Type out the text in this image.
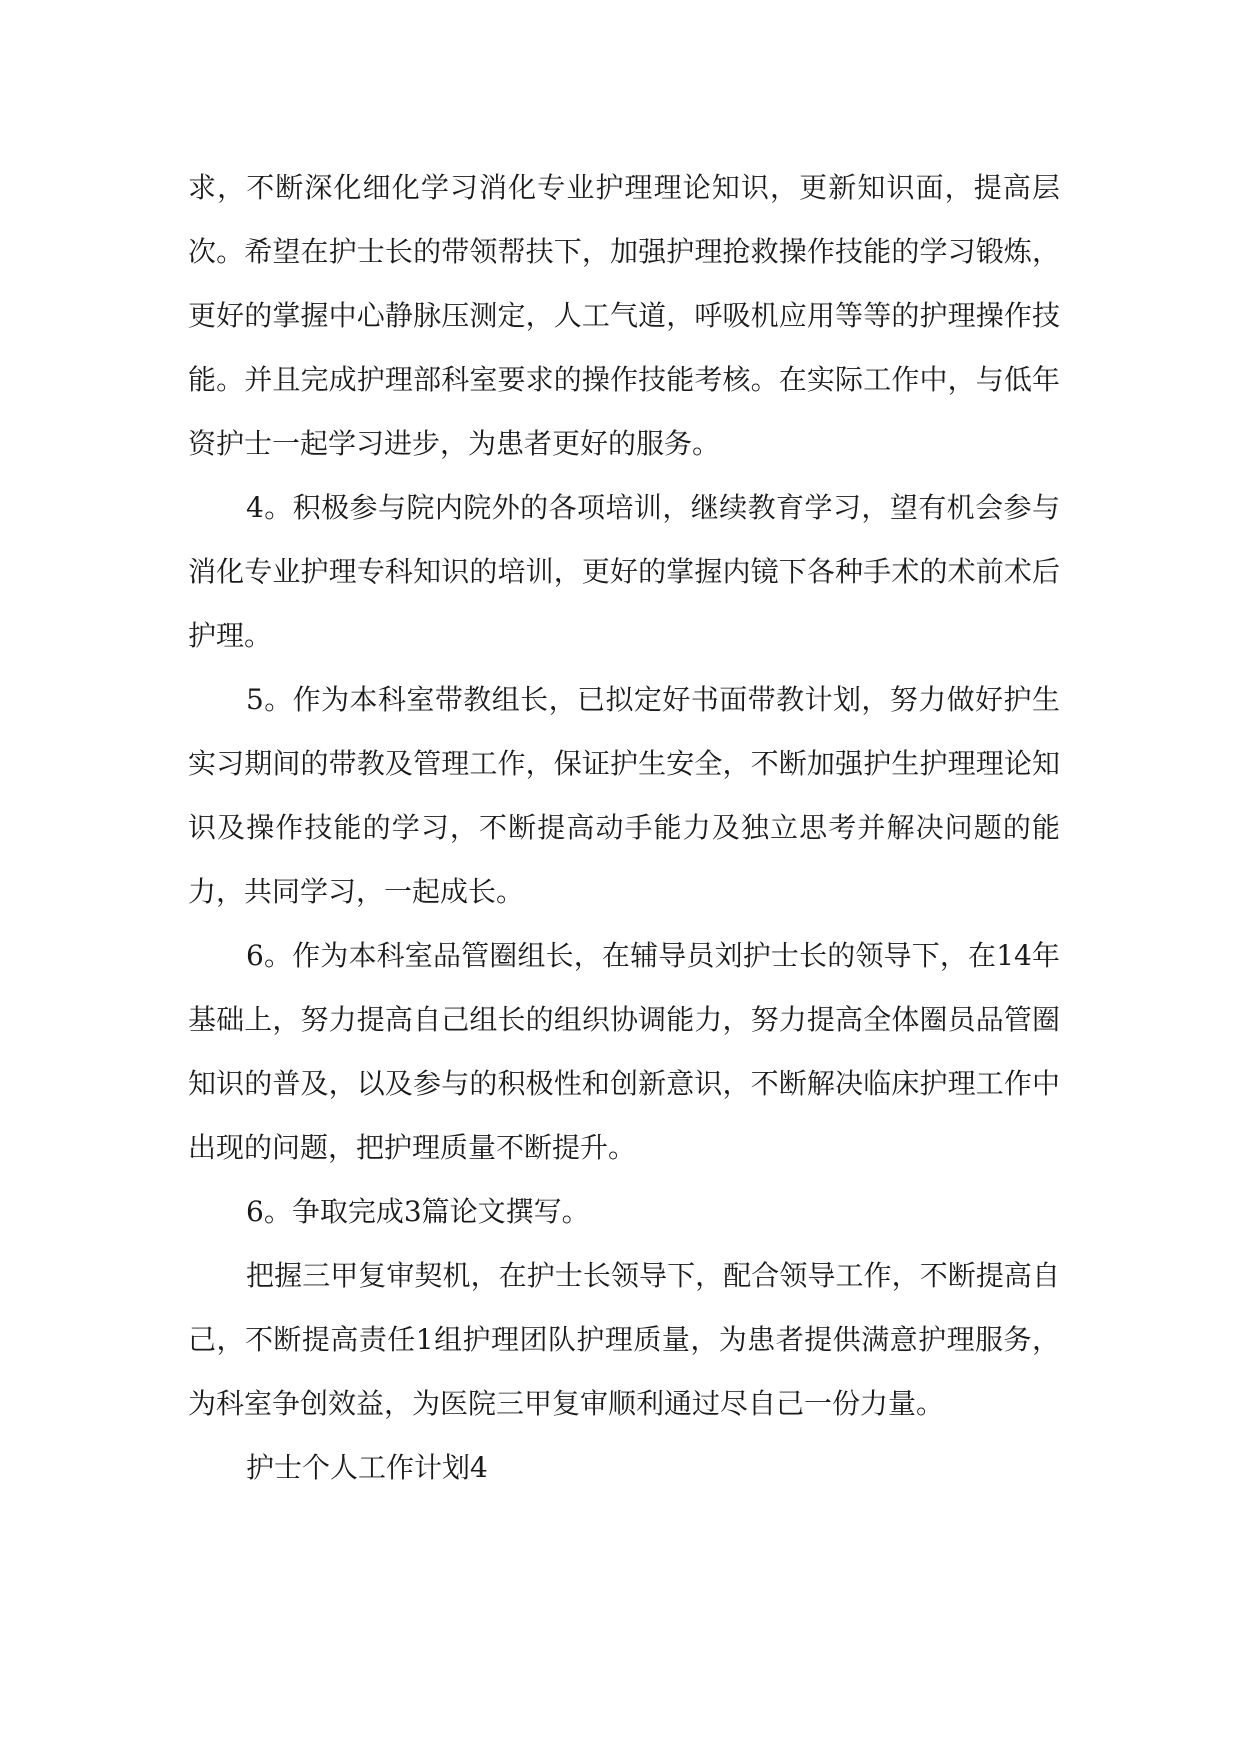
求，不断深化细化学习消化专业护理理论知识，更新知识面，提高层次。希望在护士长的带领帮扶下，加强护理抢救操作技能的学习锻炼，更好的掌握中心静脉压测定，人工气道，呼吸机应用等等的护理操作技能。并且完成护理部科室要求的操作技能考核。在实际工作中，与低年资护士一起学习进步，为患者更好的服务。

4。积极参与院内院外的各项培训，继续教育学习，望有机会参与消化专业护理专科知识的培训，更好的掌握内镜下各种手术的术前术后护理。

5。作为本科室带教组长，已拟定好书面带教计划，努力做好护生实习期间的带教及管理工作，保证护生安全，不断加强护生护理理论知识及操作技能的学习，不断提高动手能力及独立思考并解决问题的能力，共同学习，一起成长。

6。作为本科室品管圈组长，在辅导员刘护士长的领导下，在14年基础上，努力提高自己组长的组织协调能力，努力提高全体圈员品管圈知识的普及，以及参与的积极性和创新意识，不断解决临床护理工作中出现的问题，把护理质量不断提升。

6。争取完成3篇论文撰写。

把握三甲复审契机，在护士长领导下，配合领导工作，不断提高自己，不断提高责任1组护理团队护理质量，为患者提供满意护理服务，为科室争创效益，为医院三甲复审顺利通过尽自己一份力量。

护士个人工作计划4
